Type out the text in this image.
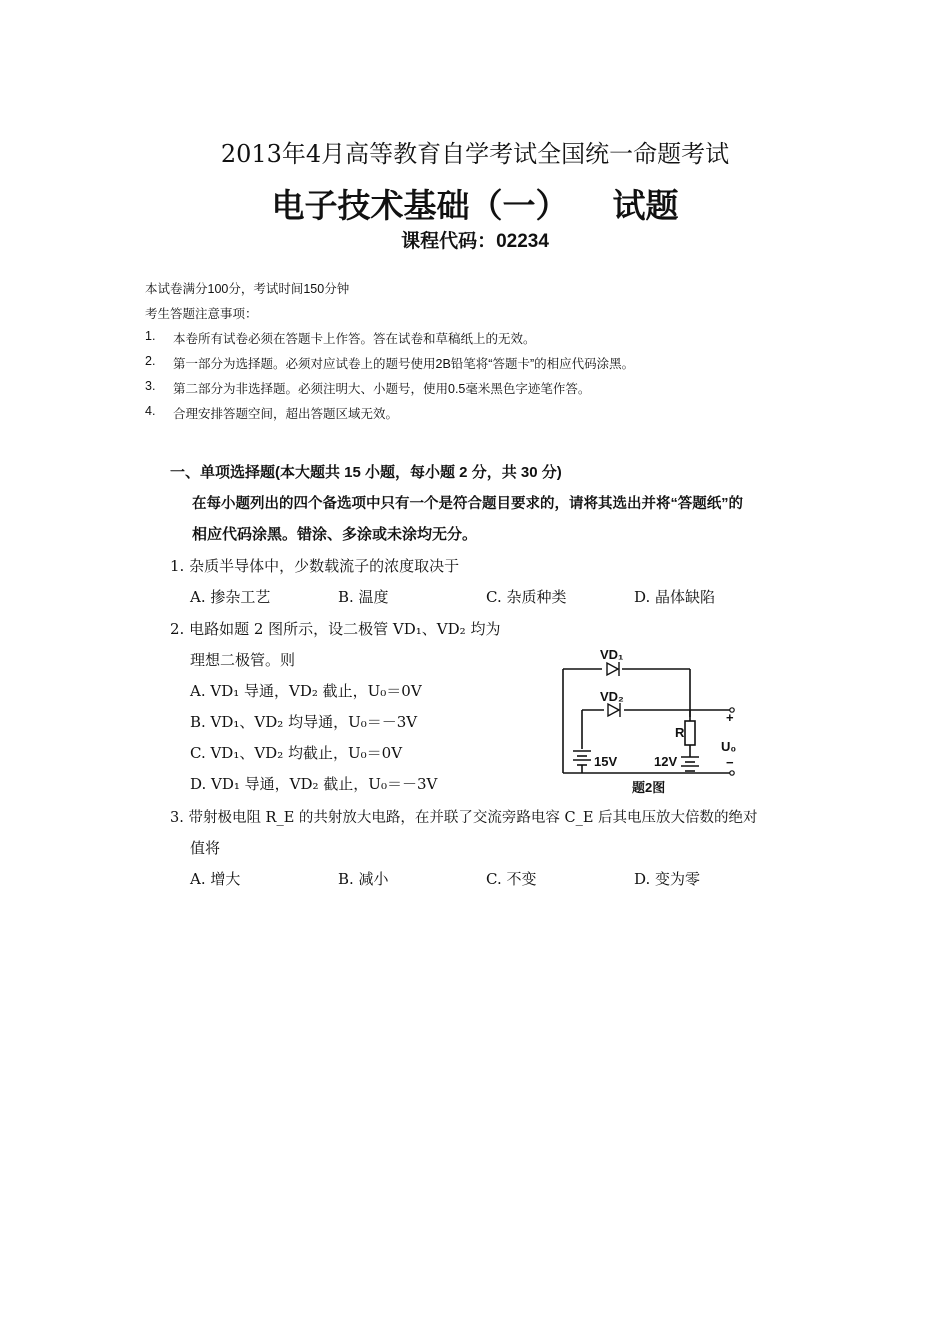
2013年4月高等教育自学考试全国统一命题考试
电子技术基础（一） 试题
课程代码：02234
本试卷满分100分，考试时间150分钟
考生答题注意事项：
1. 本卷所有试卷必须在答题卡上作答。答在试卷和草稿纸上的无效。
2. 第一部分为选择题。必须对应试卷上的题号使用2B铅笔将“答题卡”的相应代码涂黑。
3. 第二部分为非选择题。必须注明大、小题号，使用0.5毫米黑色字迹笔作答。
4. 合理安排答题空间，超出答题区域无效。
一、单项选择题(本大题共 15 小题，每小题 2 分，共 30 分)
在每小题列出的四个备选项中只有一个是符合题目要求的，请将其选出并将“答题纸”的
相应代码涂黑。错涂、多涂或未涂均无分。
1. 杂质半导体中，少数载流子的浓度取决于
A. 掺杂工艺	B. 温度	C. 杂质种类	D. 晶体缺陷
2. 电路如题 2 图所示，设二极管 VD₁、VD₂ 均为
理想二极管。则
A. VD₁ 导通，VD₂ 截止，U₀＝0V
B. VD₁、VD₂ 均导通，U₀＝－3V
C. VD₁、VD₂ 均截止，U₀＝0V
D. VD₁ 导通，VD₂ 截止，U₀＝－3V
VD₁
VD₂
R
+
−
U₀
15V	12V
题2图
3. 带射极电阻 R_E 的共射放大电路，在并联了交流旁路电容 C_E 后其电压放大倍数的绝对
值将
A. 增大	B. 减小	C. 不变	D. 变为零
